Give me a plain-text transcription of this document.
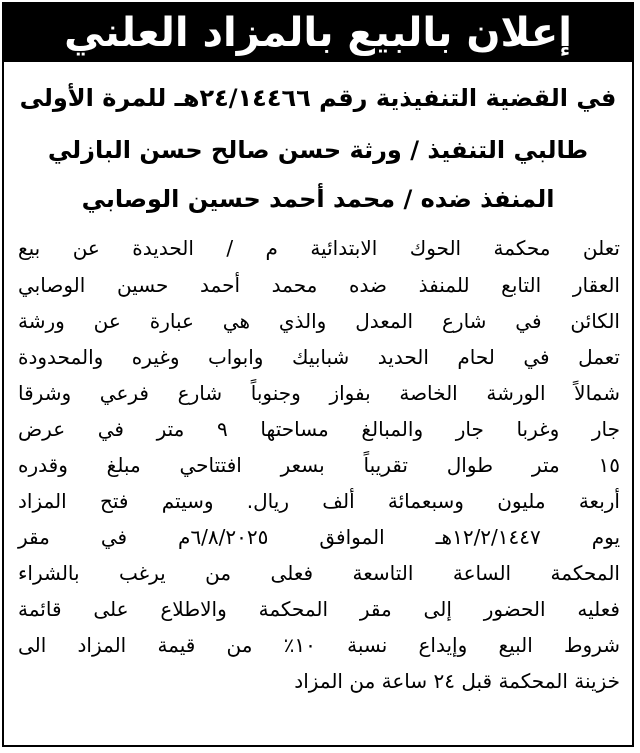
إعلان بالبيع بالمزاد العلني
في القضية التنفيذية رقم ٢٤/١٤٤٦٦هـ للمرة الأولى
طالبي التنفيذ / ورثة حسن صالح حسن البازلي
المنفذ ضده / محمد أحمد حسين الوصابي
تعلن محكمة الحوك الابتدائية م / الحديدة عن بيع
العقار التابع للمنفذ ضده محمد أحمد حسين الوصابي
الكائن في شارع المعدل والذي هي عبارة عن ورشة
تعمل في لحام الحديد شبابيك وابواب وغيره والمحدودة
شمالاً الورشة الخاصة بفواز وجنوباً شارع فرعي وشرقا
جار وغربا جار والمبالغ مساحتها ٩ متر في عرض
١٥ متر طوال تقريباً بسعر افتتاحي مبلغ وقدره
أربعة مليون وسبعمائة ألف ريال. وسيتم فتح المزاد
يوم ١٢/٢/١٤٤٧هـ الموافق ٦/٨/٢٠٢٥م في مقر
المحكمة الساعة التاسعة فعلى من يرغب بالشراء
فعليه الحضور إلى مقر المحكمة والاطلاع على قائمة
شروط البيع وإيداع نسبة ١٠٪ من قيمة المزاد الى
خزينة المحكمة قبل ٢٤ ساعة من المزاد
